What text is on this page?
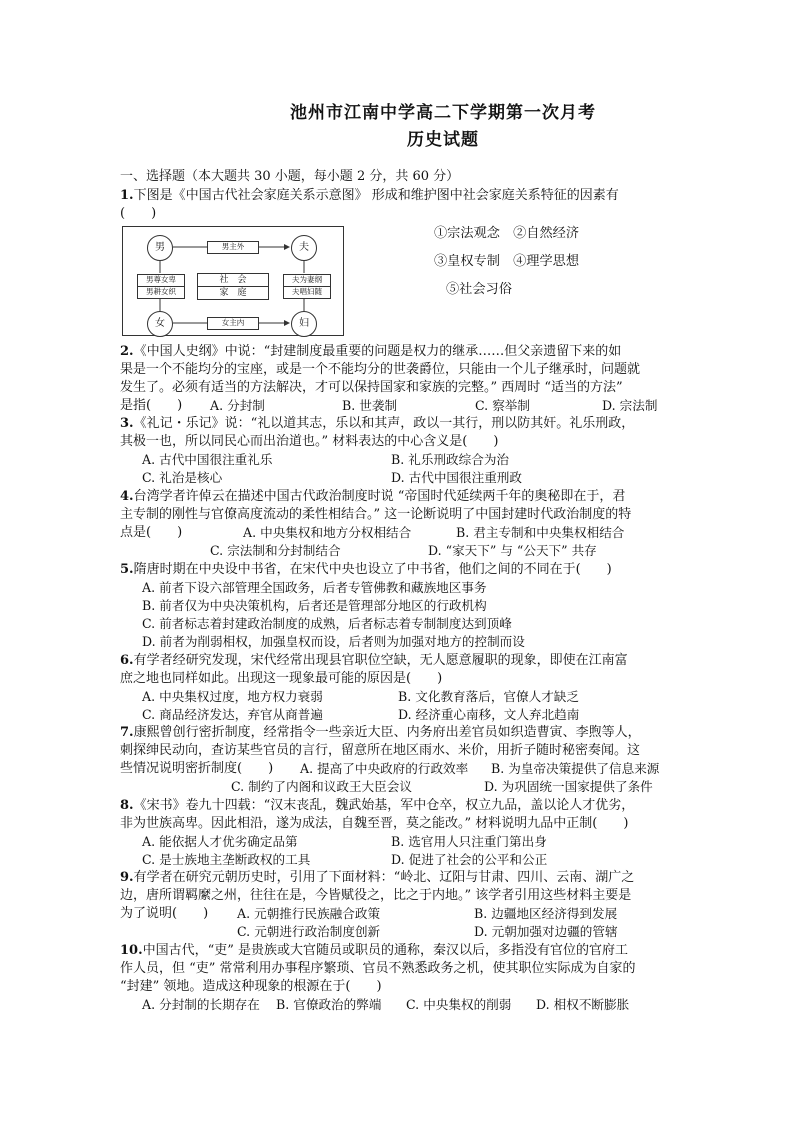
池州市江南中学高二下学期第一次月考
历史试题
一、选择题（本大题共 30 小题，每小题 2 分，共 60 分）
1.下图是《中国古代社会家庭关系示意图》 形成和维护图中社会家庭关系特征的因素有
(　　)
男	夫
女	妇
男主外
女主内
社　会
家　庭
男尊女卑
男耕女织
夫为妻纲
夫唱妇随
①宗法观念　②自然经济
③皇权专制　④理学思想
⑤社会习俗
2.《中国人史纲》中说：“封建制度最重要的问题是权力的继承……但父亲遗留下来的如
果是一个不能均分的宝座，或是一个不能均分的世袭爵位，只能由一个儿子继承时，问题就
发生了。必须有适当的方法解决，才可以保持国家和家族的完整。” 西周时 “适当的方法”
是指(　　) A. 分封制	B. 世袭制	C. 察举制	D. 宗法制
3.《礼记・乐记》说：“礼以道其志，乐以和其声，政以一其行，刑以防其奸。礼乐刑政，
其极一也，所以同民心而出治道也。” 材料表达的中心含义是(　　)
A. 古代中国很注重礼乐	B. 礼乐刑政综合为治
C. 礼治是核心	D. 古代中国很注重刑政
4.台湾学者许倬云在描述中国古代政治制度时说 “帝国时代延续两千年的奥秘即在于，君
主专制的刚性与官僚高度流动的柔性相结合。” 这一论断说明了中国封建时代政治制度的特
点是(　　)	A. 中央集权和地方分权相结合	B. 君主专制和中央集权相结合
C. 宗法制和分封制结合	D. “家天下” 与 “公天下” 共存
5.隋唐时期在中央设中书省，在宋代中央也设立了中书省，他们之间的不同在于(　　)
A. 前者下设六部管理全国政务，后者专管佛教和藏族地区事务
B. 前者仅为中央决策机构，后者还是管理部分地区的行政机构
C. 前者标志着封建政治制度的成熟，后者标志着专制制度达到顶峰
D. 前者为削弱相权，加强皇权而设，后者则为加强对地方的控制而设
6.有学者经研究发现，宋代经常出现县官职位空缺，无人愿意履职的现象，即使在江南富
庶之地也同样如此。出现这一现象最可能的原因是(　　)
A. 中央集权过度，地方权力衰弱	B. 文化教育落后，官僚人才缺乏
C. 商品经济发达，弃官从商普遍	D. 经济重心南移，文人弃北趋南
7.康熙曾创行密折制度，经常指令一些亲近大臣、内务府出差官员如织造曹寅、李煦等人，
刺探绅民动向，查访某些官员的言行，留意所在地区雨水、米价，用折子随时秘密奏闻。这
些情况说明密折制度(　　) A. 提高了中央政府的行政效率 B. 为皇帝决策提供了信息来源
C. 制约了内阁和议政王大臣会议	D. 为巩固统一国家提供了条件
8.《宋书》卷九十四载：“汉末丧乱，魏武始基，军中仓卒，权立九品，盖以论人才优劣，
非为世族高卑。因此相沿，遂为成法，自魏至晋，莫之能改。” 材料说明九品中正制(　　)
A. 能依据人才优劣确定品第	B. 选官用人只注重门第出身
C. 是士族地主垄断政权的工具	D. 促进了社会的公平和公正
9.有学者在研究元朝历史时，引用了下面材料：“岭北、辽阳与甘肃、四川、云南、湖广之
边，唐所谓羁縻之州，往往在是，今皆赋役之，比之于内地。” 该学者引用这些材料主要是
为了说明(　　) A. 元朝推行民族融合政策	B. 边疆地区经济得到发展
C. 元朝进行政治制度创新	D. 元朝加强对边疆的管辖
10.中国古代，“吏” 是贵族或大官随员或职员的通称，秦汉以后，多指没有官位的官府工
作人员，但 “吏” 常常利用办事程序繁琐、官员不熟悉政务之机，使其职位实际成为自家的
“封建” 领地。造成这种现象的根源在于(　　)
A. 分封制的长期存在 B. 官僚政治的弊端 C. 中央集权的削弱 D. 相权不断膨胀
